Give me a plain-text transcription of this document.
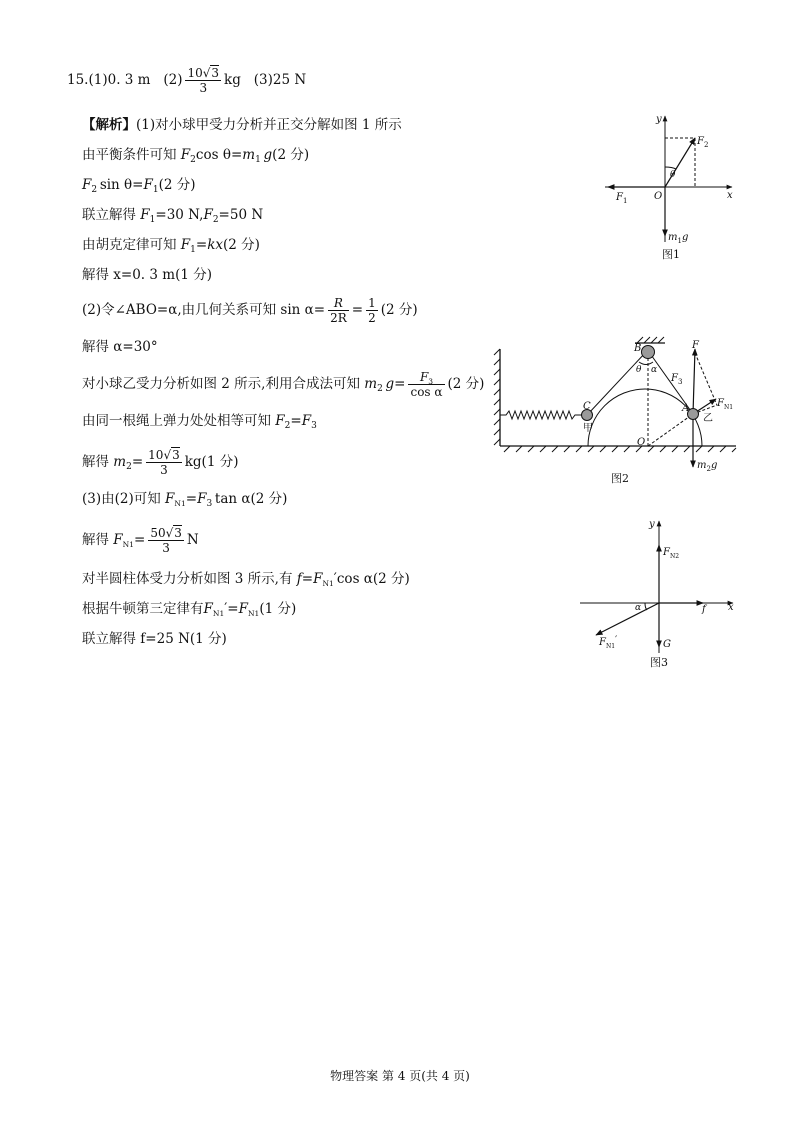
15.(1)0. 3 m $(2) \frac{10√3}{3}$ kg (3)25 N
【解析】(1)对小球甲受力分析并正交分解如图 1 所示
由平衡条件可知 $F_2\cos$ $\theta=m_1$  g(2 分)
$F_2$  $\sin \theta=F_1(2$ 分)
联立解得 $F_1=30$ $N,F_2=50$ N
由胡克定律可知 $F_1=kx(2$ 分)
解得 x=0. 3 m(1 分)
(2)令∠ABO=α,由几何关系可知 $\sin \alpha= \frac{R}{2R} = \frac{1}{2} (2$ 分)
解得 α=30°
对小球乙受力分析如图 2 所示,利用合成法可知 $m_2$  $g= \frac{F_3}{\text{cos α}} (2$ 分)
由同一根绳上弹力处处相等可知 $F_2=F_3$
解得 $m_2= \frac{10√3}{3} kg(1$ 分)
(3)由(2)可知 $F_{N1}=F_3$  tan α(2 分)
解得 $F_{N1}= \frac{50√3}{3}$ N
对半圆柱体受力分析如图 3 所示,有 $f=F_{N1}'\cos$ α(2 分)
根据牛顿第三定律有$F_{N1}'=F_{N1}(1$ 分)
联立解得 f=25 N(1 分)
y
x
O
$F_2$
θ
$F_1$
$m_1g$
图1
B
θ α
C
甲
A
乙
O
F
$F_3$
$F_{N1}$
$m_2g$
图2
y
x
$F_{N2}$
α	f
$F_{N1}'$	G
图3
物理答案 第 4 页(共 4 页)
